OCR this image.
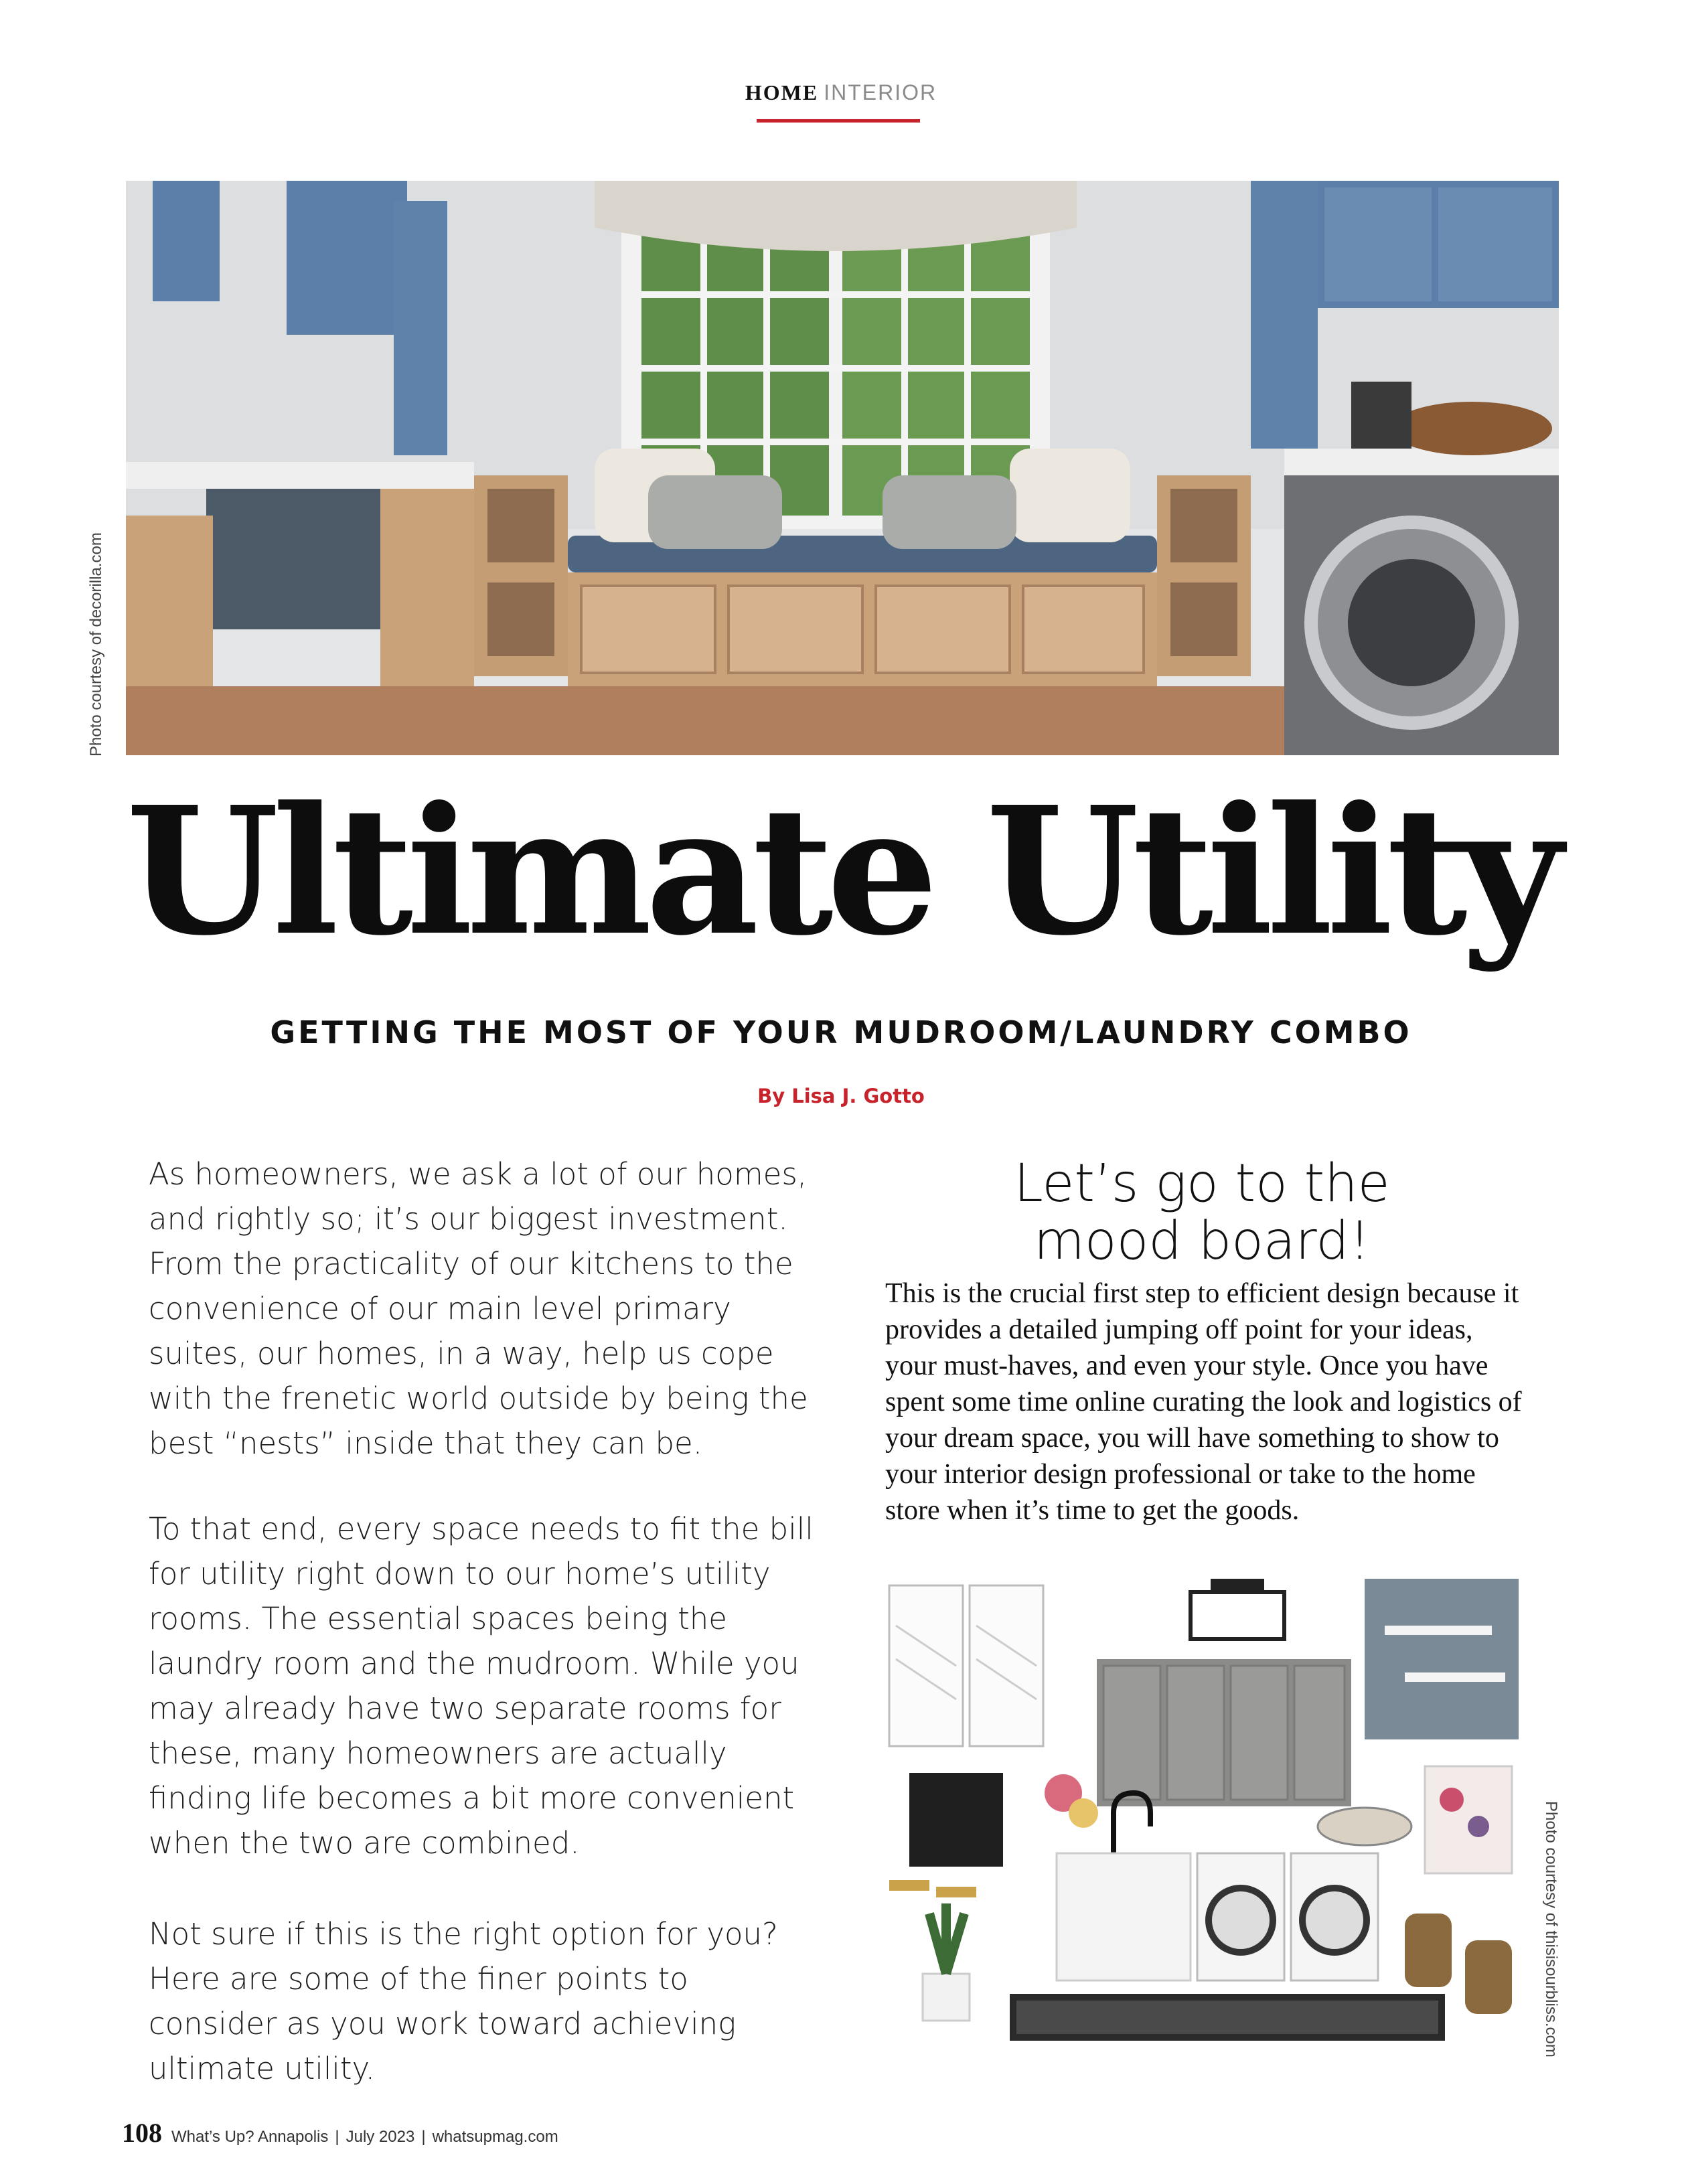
HOME INTERIOR
Photo courtesy of decorilla.com
Ultimate Utility
GETTING THE MOST OF YOUR MUDROOM/LAUNDRY COMBO
By Lisa J. Gotto
As homeowners, we ask a lot of our homes, and rightly so; it’s our biggest investment. From the practicality of our kitchens to the convenience of our main level primary suites, our homes, in a way, help us cope with the frenetic world outside by being the best “nests” inside that they can be.
To that end, every space needs to fit the bill for utility right down to our home’s utility rooms. The essential spaces being the laundry room and the mudroom. While you may already have two separate rooms for these, many homeowners are actually finding life becomes a bit more convenient when the two are combined.
Not sure if this is the right option for you? Here are some of the finer points to consider as you work toward achieving ultimate utility.
Let’s go to the
mood board!
This is the crucial first step to efficient design because it provides a detailed jumping off point for your ideas, your must-haves, and even your style. Once you have spent some time online curating the look and logistics of your dream space, you will have something to show to your interior design professional or take to the home store when it’s time to get the goods.
Photo courtesy of thisisourbliss.com
108 What’s Up? Annapolis | July 2023 | whatsupmag.com
